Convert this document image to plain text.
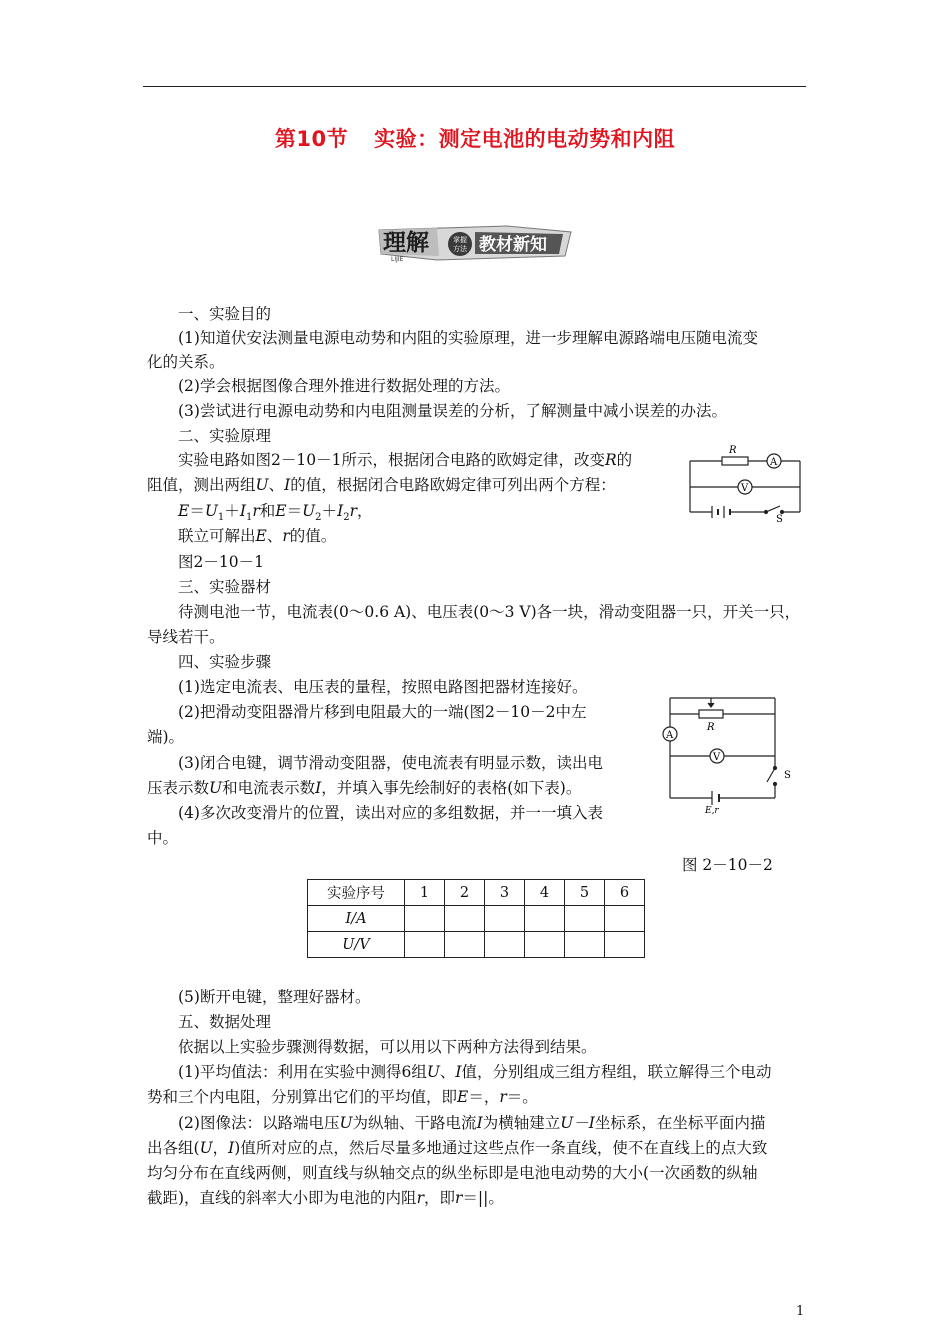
第10节 实验：测定电池的电动势和内阻
理解
LIJIE
掌握
方法 教材新知
一、实验目的
(1)知道伏安法测量电源电动势和内阻的实验原理，进一步理解电源路端电压随电流变
化的关系。
(2)学会根据图像合理外推进行数据处理的方法。
(3)尝试进行电源电动势和内电阻测量误差的分析，了解测量中减小误差的办法。
二、实验原理
实验电路如图2－10－1所示，根据闭合电路的欧姆定律，改变R的
阻值，测出两组U、I的值，根据闭合电路欧姆定律可列出两个方程：
$E=U_1+I_1r$和$E=U_2+I_2r$，
联立可解出E、r的值。
图2－10－1
R
A
V
S
三、实验器材
待测电池一节，电流表(0～0.6 A)、电压表(0～3 V)各一块，滑动变阻器一只，开关一只，
导线若干。
四、实验步骤
(1)选定电流表、电压表的量程，按照电路图把器材连接好。
(2)把滑动变阻器滑片移到电阻最大的一端(图2－10－2中左
端)。
(3)闭合电键，调节滑动变阻器，使电流表有明显示数，读出电
压表示数U和电流表示数I，并填入事先绘制好的表格(如下表)。
(4)多次改变滑片的位置，读出对应的多组数据，并一一填入表
中。
图 2－10－2
A
R
V
S
E,r
实验序号	1	2	3	4	5	6
I/A						
U/V						
(5)断开电键，整理好器材。
五、数据处理
依据以上实验步骤测得数据，可以用以下两种方法得到结果。
(1)平均值法：利用在实验中测得6组U、I值，分别组成三组方程组，联立解得三个电动
势和三个内电阻，分别算出它们的平均值，即E＝，r＝。
(2)图像法：以路端电压U为纵轴、干路电流I为横轴建立U－I坐标系，在坐标平面内描
出各组(U，I)值所对应的点，然后尽量多地通过这些点作一条直线，使不在直线上的点大致
均匀分布在直线两侧，则直线与纵轴交点的纵坐标即是电池电动势的大小(一次函数的纵轴
截距)，直线的斜率大小即为电池的内阻r，即r＝||。
1
